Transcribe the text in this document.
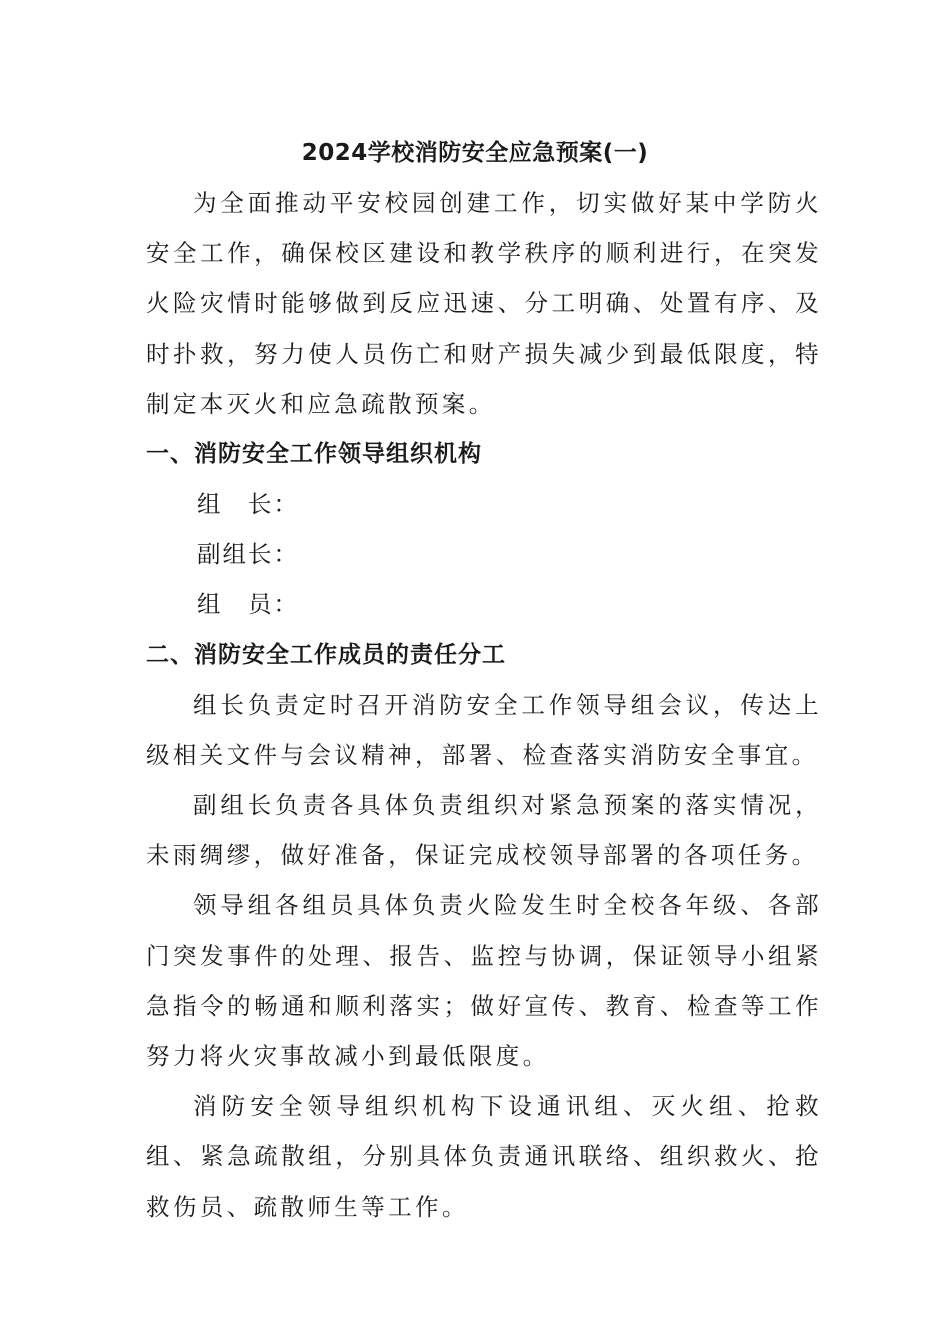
2024学校消防安全应急预案(一)

为全面推动平安校园创建工作，切实做好某中学防火安全工作，确保校区建设和教学秩序的顺利进行，在突发火险灾情时能够做到反应迅速、分工明确、处置有序、及时扑救，努力使人员伤亡和财产损失减少到最低限度，特制定本灭火和应急疏散预案。

一、消防安全工作领导组织机构

组　长：

副组长：

组　员：

二、消防安全工作成员的责任分工

组长负责定时召开消防安全工作领导组会议，传达上级相关文件与会议精神，部署、检查落实消防安全事宜。

副组长负责各具体负责组织对紧急预案的落实情况，未雨绸缪，做好准备，保证完成校领导部署的各项任务。

领导组各组员具体负责火险发生时全校各年级、各部门突发事件的处理、报告、监控与协调，保证领导小组紧急指令的畅通和顺利落实；做好宣传、教育、检查等工作努力将火灾事故减小到最低限度。

消防安全领导组织机构下设通讯组、灭火组、抢救组、紧急疏散组，分别具体负责通讯联络、组织救火、抢救伤员、疏散师生等工作。
